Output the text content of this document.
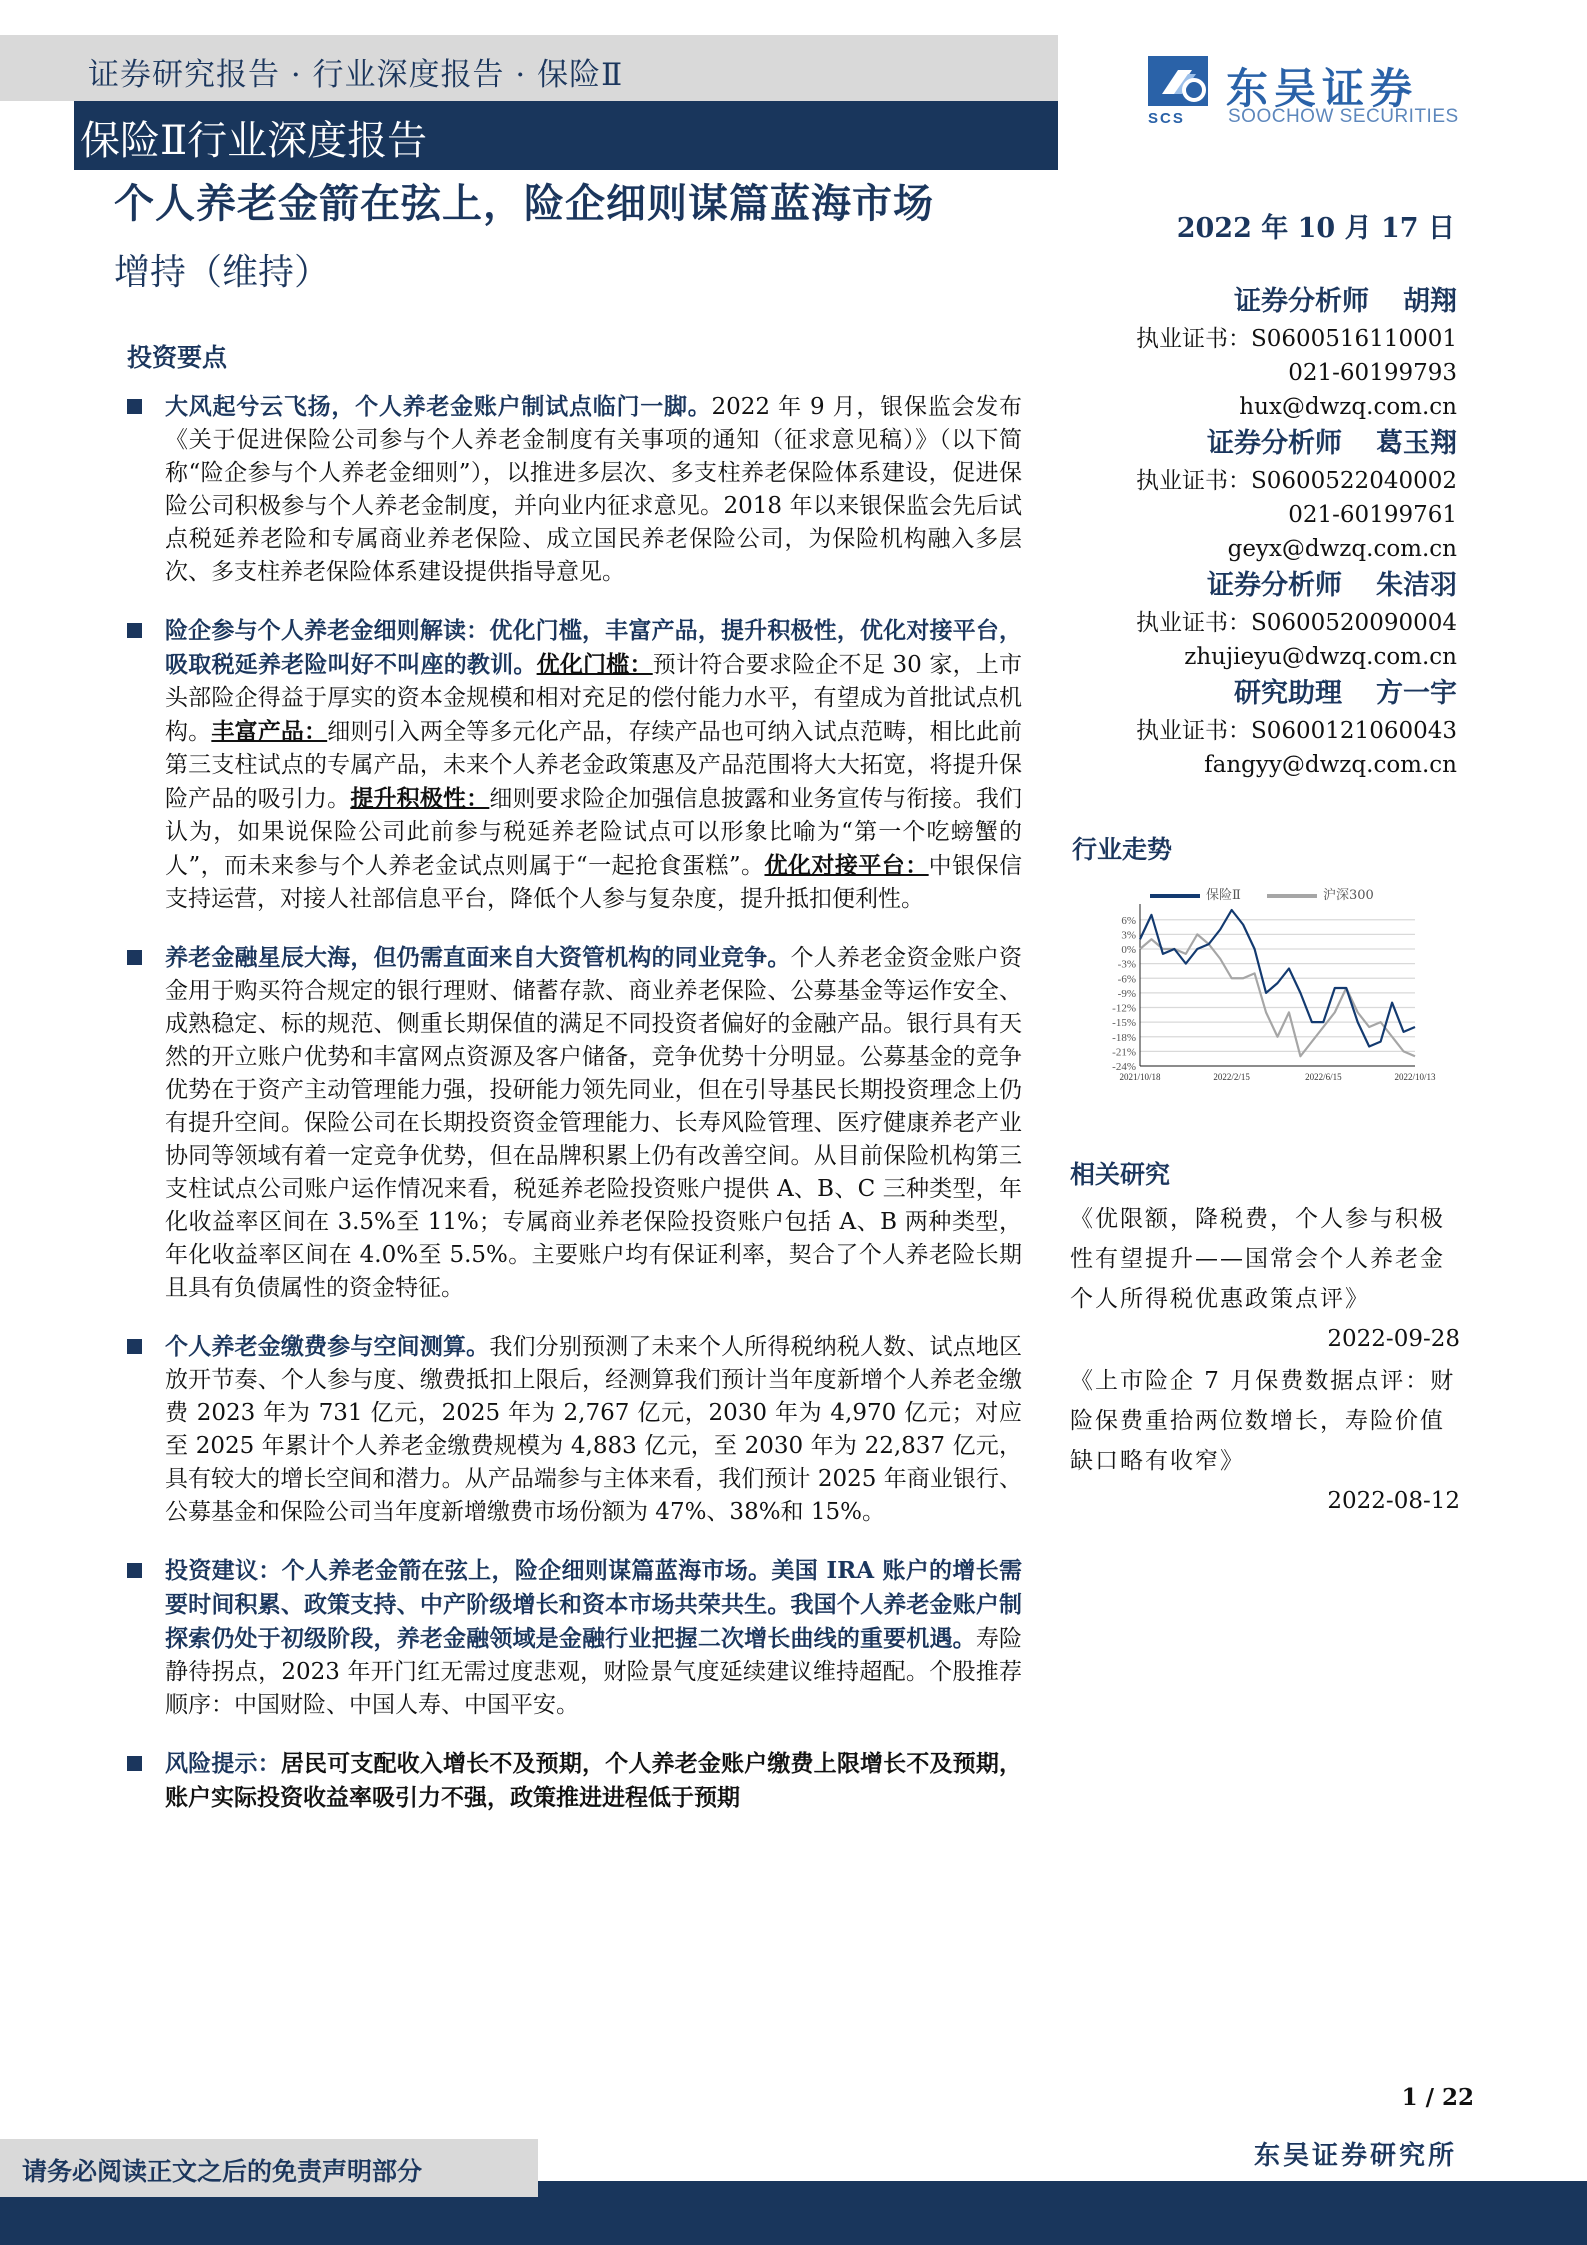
证券研究报告 · 行业深度报告 · 保险Ⅱ
保险Ⅱ行业深度报告	SCS
东吴证券
SOOCHOW SECURITIES
个人养老金箭在弦上，险企细则谋篇蓝海市场
增持（维持）
2022 年 10 月 17 日
证券分析师 胡翔
执业证书：S0600516110001
021-60199793
hux@dwzq.com.cn
证券分析师 葛玉翔
执业证书：S0600522040002
021-60199761
geyx@dwzq.com.cn
证券分析师 朱洁羽
执业证书：S0600520090004
zhujieyu@dwzq.com.cn
研究助理 方一宇
执业证书：S0600121060043
fangyy@dwzq.com.cn
投资要点
大风起兮云飞扬，个人养老金账户制试点临门一脚。2022 年 9 月，银保监会发布《关于促进保险公司参与个人养老金制度有关事项的通知（征求意见稿）》（以下简称“险企参与个人养老金细则”），以推进多层次、多支柱养老保险体系建设，促进保险公司积极参与个人养老金制度，并向业内征求意见。2018 年以来银保监会先后试点税延养老险和专属商业养老保险、成立国民养老保险公司，为保险机构融入多层次、多支柱养老保险体系建设提供指导意见。
险企参与个人养老金细则解读：优化门槛，丰富产品，提升积极性，优化对接平台，吸取税延养老险叫好不叫座的教训。优化门槛：预计符合要求险企不足 30 家，上市头部险企得益于厚实的资本金规模和相对充足的偿付能力水平，有望成为首批试点机构。丰富产品：细则引入两全等多元化产品，存续产品也可纳入试点范畴，相比此前第三支柱试点的专属产品，未来个人养老金政策惠及产品范围将大大拓宽，将提升保险产品的吸引力。提升积极性：细则要求险企加强信息披露和业务宣传与衔接。我们认为，如果说保险公司此前参与税延养老险试点可以形象比喻为“第一个吃螃蟹的人”，而未来参与个人养老金试点则属于“一起抢食蛋糕”。优化对接平台：中银保信支持运营，对接人社部信息平台，降低个人参与复杂度，提升抵扣便利性。
养老金融星辰大海，但仍需直面来自大资管机构的同业竞争。个人养老金资金账户资金用于购买符合规定的银行理财、储蓄存款、商业养老保险、公募基金等运作安全、成熟稳定、标的规范、侧重长期保值的满足不同投资者偏好的金融产品。银行具有天然的开立账户优势和丰富网点资源及客户储备，竞争优势十分明显。公募基金的竞争优势在于资产主动管理能力强，投研能力领先同业，但在引导基民长期投资理念上仍有提升空间。保险公司在长期投资资金管理能力、长寿风险管理、医疗健康养老产业协同等领域有着一定竞争优势，但在品牌积累上仍有改善空间。从目前保险机构第三支柱试点公司账户运作情况来看，税延养老险投资账户提供 A、B、C 三种类型，年化收益率区间在 3.5%至 11%；专属商业养老保险投资账户包括 A、B 两种类型，年化收益率区间在 4.0%至 5.5%。主要账户均有保证利率，契合了个人养老险长期且具有负债属性的资金特征。
个人养老金缴费参与空间测算。我们分别预测了未来个人所得税纳税人数、试点地区放开节奏、个人参与度、缴费抵扣上限后，经测算我们预计当年度新增个人养老金缴费 2023 年为 731 亿元，2025 年为 2,767 亿元，2030 年为 4,970 亿元；对应至 2025 年累计个人养老金缴费规模为 4,883 亿元，至 2030 年为 22,837 亿元，具有较大的增长空间和潜力。从产品端参与主体来看，我们预计 2025 年商业银行、公募基金和保险公司当年度新增缴费市场份额为 47%、38%和 15%。
投资建议：个人养老金箭在弦上，险企细则谋篇蓝海市场。美国 IRA 账户的增长需要时间积累、政策支持、中产阶级增长和资本市场共荣共生。我国个人养老金账户制探索仍处于初级阶段，养老金融领域是金融行业把握二次增长曲线的重要机遇。寿险静待拐点，2023 年开门红无需过度悲观，财险景气度延续建议维持超配。个股推荐顺序：中国财险、中国人寿、中国平安。
风险提示：居民可支配收入增长不及预期，个人养老金账户缴费上限增长不及预期，账户实际投资收益率吸引力不强，政策推进进程低于预期
行业走势
保险Ⅱ	沪深300
6%
3%
0%
-3%
-6%
-9%
-12%
-15%
-18%
-21%
-24%
2021/10/18	2022/2/15	2022/6/15	2022/10/13
相关研究
《优限额，降税费，个人参与积极性有望提升——国常会个人养老金个人所得税优惠政策点评》
2022-09-28
《上市险企 7 月保费数据点评：财险保费重拾两位数增长，寿险价值缺口略有收窄》
2022-08-12
1 / 22
东吴证券研究所
请务必阅读正文之后的免责声明部分
